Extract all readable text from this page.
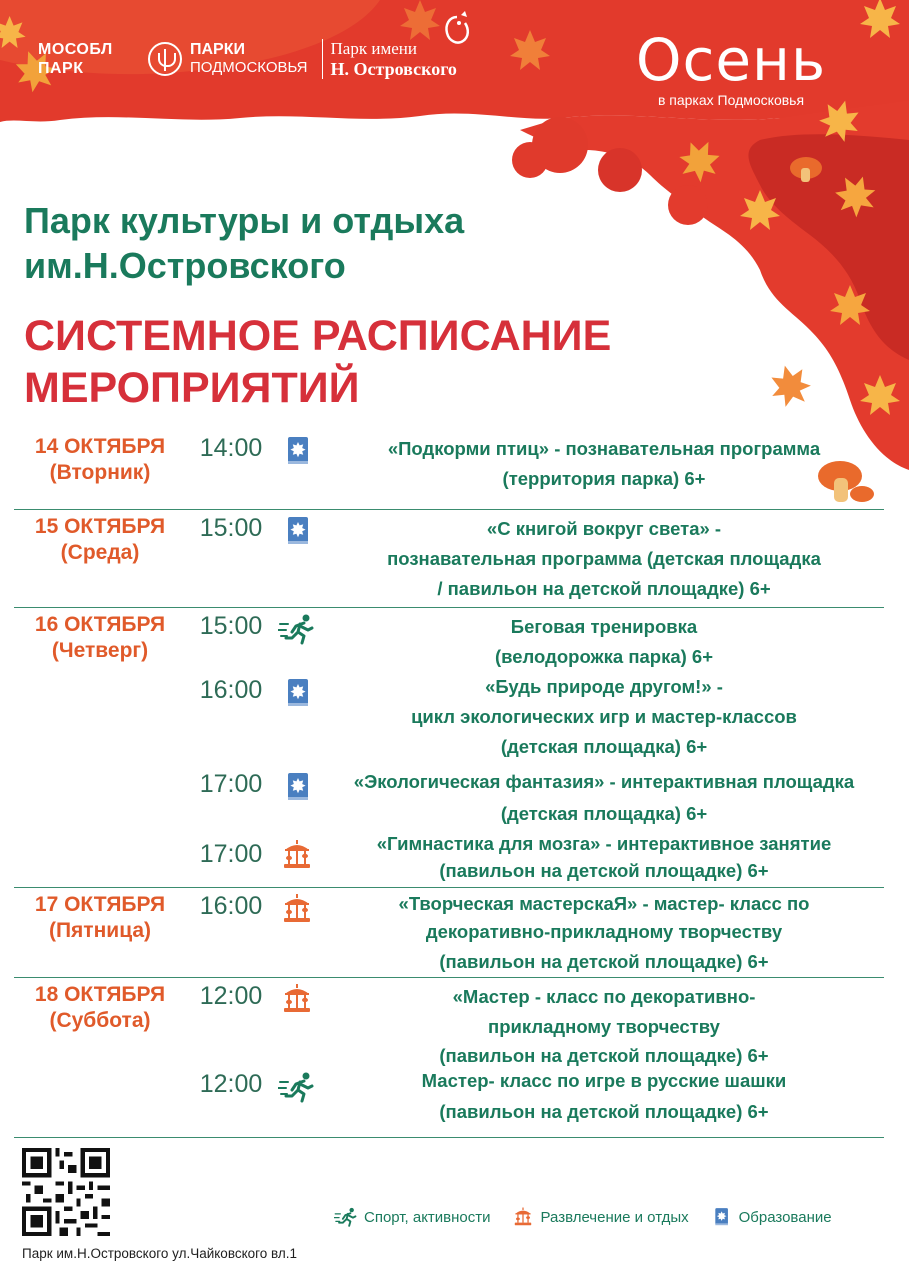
МОСОБЛ
ПАРК
ПАРКИ
ПОДМОСКОВЬЯ
Парк имени
Н. Островского	Осень
в парках Подмосковья
Парк культуры и отдыха
им.Н.Островского
СИСТЕМНОЕ РАСПИСАНИЕ
МЕРОПРИЯТИЙ
14 ОКТЯБРЯ
(Вторник)
14:00	«Подкорми птиц» - познавательная программа
(территория парка) 6+
15 ОКТЯБРЯ
(Среда)
15:00	«С книгой вокруг света» -
познавательная программа (детская площадка
/ павильон на детской площадке) 6+
16 ОКТЯБРЯ
(Четверг)
15:00	Беговая тренировка
(велодорожка парка) 6+
16:00	«Будь природе другом!» -
цикл экологических игр и мастер-классов
(детская площадка) 6+
17:00	«Экологическая фантазия» - интерактивная площадка
(детская площадка) 6+
17:00	«Гимнастика для мозга» - интерактивное занятие
(павильон на детской площадке) 6+
17 ОКТЯБРЯ
(Пятница)
16:00	«Творческая мастерскаЯ» - мастер- класс по
декоративно-прикладному творчеству
(павильон на детской площадке) 6+
18 ОКТЯБРЯ
(Суббота)
12:00	«Мастер - класс по декоративно-
прикладному творчеству
(павильон на детской площадке) 6+
12:00	Мастер- класс по игре в русские шашки
(павильон на детской площадке) 6+
Спорт, активности	Развлечение и отдых	Образование
Парк им.Н.Островского ул.Чайковского вл.1
